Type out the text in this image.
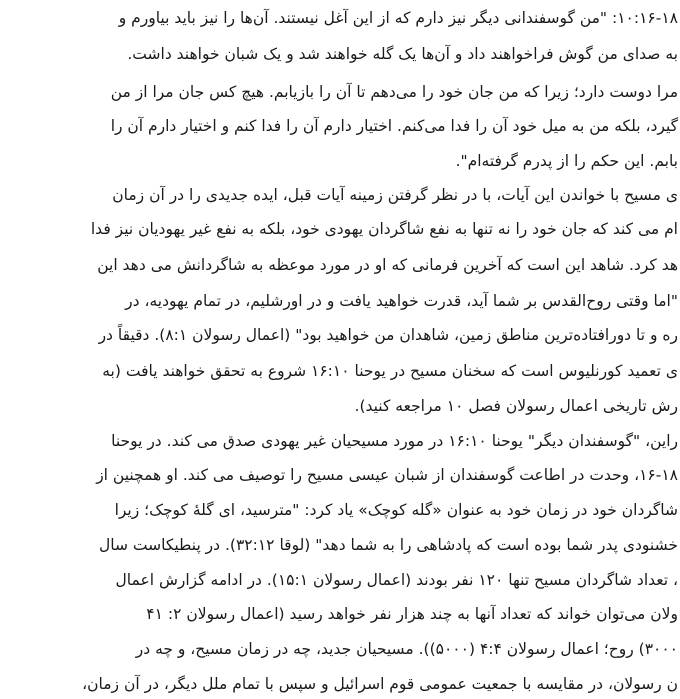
۱۰:۱۶-۱۸: "من گوسفندانی دیگر نیز دارم که از این آغل نیستند. آن‌ها را نیز باید بیاورم و
به صدای من گوش فراخواهند داد و آن‌ها یک گله خواهند شد و یک شبان خواهند داشت.
مرا دوست دارد؛ زیرا که من جان خود را می‌دهم تا آن را بازیابم. هیچ کس جان مرا از من
گیرد، بلکه من به میل خود آن را فدا می‌کنم. اختیار دارم آن را فدا کنم و اختیار دارم آن را
بابم. این حکم را از پدرم گرفته‌ام".
ی مسیح با خواندن این آیات، با در نظر گرفتن زمینه آیات قبل، ایده جدیدی را در آن زمان
ام می کند که جان خود را نه تنها به نفع شاگردان یهودی خود، بلکه به نفع غیر یهودیان نیز فدا
هد کرد. شاهد این است که آخرین فرمانی که او در مورد موعظه به شاگردانش می دهد این
"اما وقتی روح‌القدس بر شما آید، قدرت خواهید یافت و در اورشلیم، در تمام یهودیه، در
ره و تا دورافتاده‌ترین مناطق زمین، شاهدان من خواهید بود" (اعمال رسولان ۸:۱). دقیقاً در
ی تعمید کورنلیوس است که سخنان مسیح در یوحنا ۱۶:۱۰ شروع به تحقق خواهند یافت (به
رش تاریخی اعمال رسولان فصل ۱۰ مراجعه کنید).
راین، "گوسفندان دیگر" یوحنا ۱۶:۱۰ در مورد مسیحیان غیر یهودی صدق می کند. در یوحنا
۱۶-۱۸، وحدت در اطاعت گوسفندان از شبان عیسی مسیح را توصیف می کند. او همچنین از
شاگردان خود در زمان خود به عنوان «گله کوچک» یاد کرد: "مترسید، ای گلهٔ کوچک؛ زیرا
خشنودی پدر شما بوده است که پادشاهی را به شما دهد" (لوقا ۳۲:۱۲). در پنطیکاست سال
، تعداد شاگردان مسیح تنها ۱۲۰ نفر بودند (اعمال رسولان ۱۵:۱). در ادامه گزارش اعمال
ولان می‌توان خواند که تعداد آنها به چند هزار نفر خواهد رسید (اعمال رسولان ۲: ۴۱
۳۰۰۰) روح؛ اعمال رسولان ۴:۴ (۵۰۰۰)). مسیحیان جدید، چه در زمان مسیح، و چه در
ن رسولان، در مقایسه با جمعیت عمومی قوم اسرائیل و سپس با تمام ملل دیگر، در آن زمان،
